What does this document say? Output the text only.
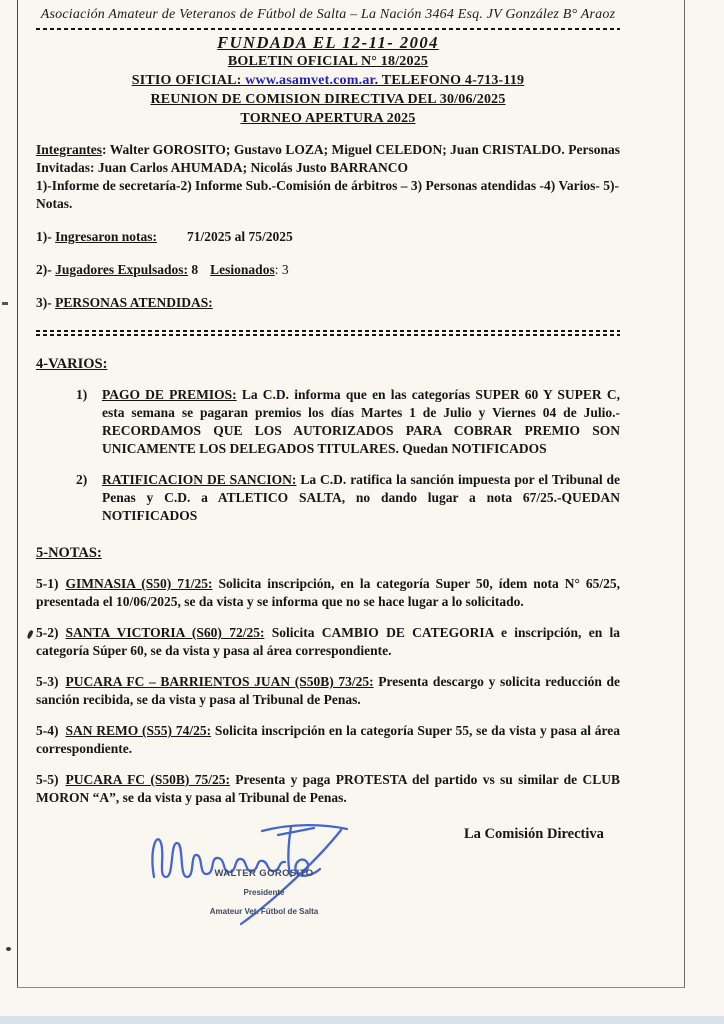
Asociación Amateur de Veteranos de Fútbol de Salta – La Nación 3464 Esq. JV González B° Araoz
FUNDADA EL 12-11- 2004
BOLETIN OFICIAL N° 18/2025
SITIO OFICIAL: www.asamvet.com.ar. TELEFONO 4-713-119
REUNION DE COMISION DIRECTIVA DEL 30/06/2025
TORNEO APERTURA 2025

Integrantes: Walter GOROSITO; Gustavo LOZA; Miguel CELEDON; Juan CRISTALDO. Personas Invitadas: Juan Carlos AHUMADA; Nicolás Justo BARRANCO

1)-Informe de secretaría-2) Informe Sub.-Comisión de árbitros – 3) Personas atendidas -4) Varios- 5)-Notas.

1)- Ingresaron notas: 71/2025 al 75/2025
2)- Jugadores Expulsados: 8 Lesionados: 3
3)- PERSONAS ATENDIDAS:
4-VARIOS:
1)	PAGO DE PREMIOS: La C.D. informa que en las categorías SUPER 60 Y SUPER C, esta semana se pagaran premios los días Martes 1 de Julio y Viernes 04 de Julio.- RECORDAMOS QUE LOS AUTORIZADOS PARA COBRAR PREMIO SON UNICAMENTE LOS DELEGADOS TITULARES. Quedan NOTIFICADOS
2)	RATIFICACION DE SANCION: La C.D. ratifica la sanción impuesta por el Tribunal de Penas y C.D. a ATLETICO SALTA, no dando lugar a nota 67/25.-QUEDAN NOTIFICADOS
5-NOTAS:

5-1) GIMNASIA (S50) 71/25: Solicita inscripción, en la categoría Super 50, ídem nota N° 65/25, presentada el 10/06/2025, se da vista y se informa que no se hace lugar a lo solicitado.

5-2) SANTA VICTORIA (S60) 72/25: Solicita CAMBIO DE CATEGORIA e inscripción, en la categoría Súper 60, se da vista y pasa al área correspondiente.

5-3) PUCARA FC – BARRIENTOS JUAN (S50B) 73/25: Presenta descargo y solicita reducción de sanción recibida, se da vista y pasa al Tribunal de Penas.

5-4) SAN REMO (S55) 74/25: Solicita inscripción en la categoría Super 55, se da vista y pasa al área correspondiente.

5-5) PUCARA FC (S50B) 75/25: Presenta y paga PROTESTA del partido vs su similar de CLUB MORON “A”, se da vista y pasa al Tribunal de Penas.

WALTER GOROSITO
Presidente
Amateur Vet. Fútbol de Salta
La Comisión Directiva
